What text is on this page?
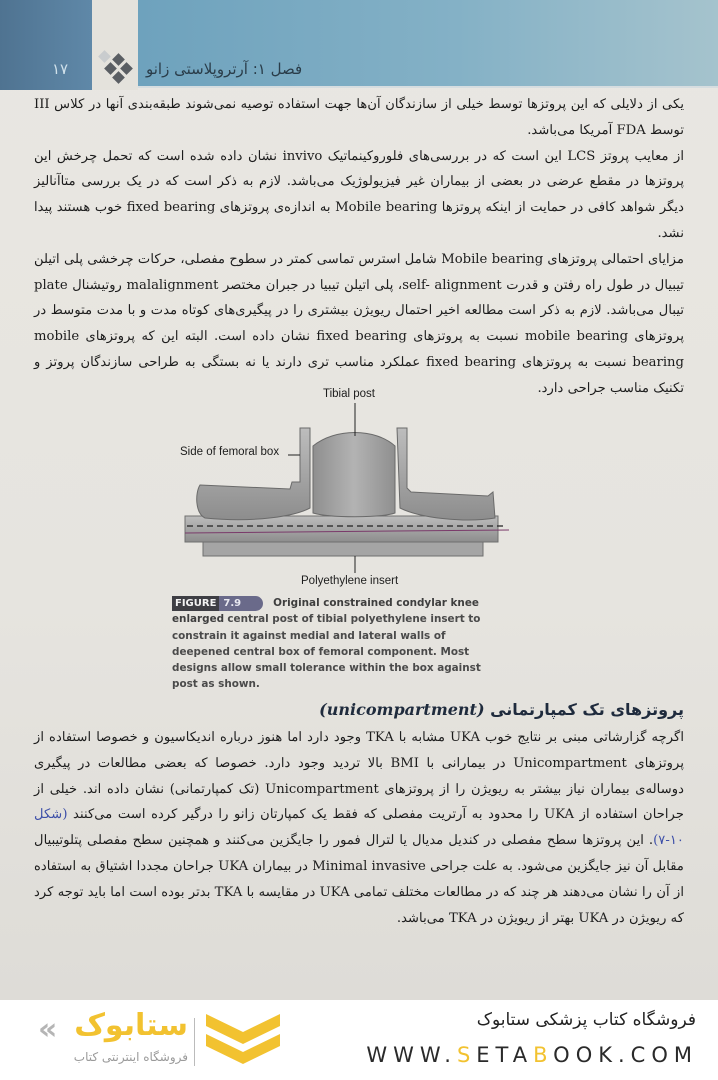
۱۷	فصل ۱: آرتروپلاستی زانو

یکی از دلایلی که این پروتزها توسط خیلی از سازندگان آن‌ها جهت استفاده توصیه نمی‌شوند طبقه‌بندی آنها در کلاس III توسط FDA آمریکا می‌باشد.

از معایب پروتز LCS این است که در بررسی‌های فلوروکینماتیک invivo نشان داده شده است که تحمل چرخش این پروتزها در مقطع عرضی در بعضی از بیماران غیر فیزیولوژیک می‌باشد. لازم به ذکر است که در یک بررسی متاآنالیز دیگر شواهد کافی در حمایت از اینکه پروتزها Mobile bearing به اندازه‌ی پروتزهای fixed bearing خوب هستند پیدا نشد.

مزایای احتمالی پروتزهای Mobile bearing شامل استرس تماسی کمتر در سطوح مفصلی، حرکات چرخشی پلی اتیلن تیبیال در طول راه رفتن و قدرت self- alignment، پلی اتیلن تیبیا در جبران مختصر malalignment روتیشنال plate تیبال می‌باشد. لازم به ذکر است مطالعه اخیر احتمال ریویژن بیشتری را در پیگیری‌های کوتاه مدت و با مدت متوسط در پروتزهای mobile bearing نسبت به پروتزهای fixed bearing نشان داده است. البته این که پروتزهای mobile bearing نسبت به پروتزهای fixed bearing عملکرد مناسب تری دارند یا نه بستگی به طراحی سازندگان پروتز و تکنیک مناسب جراحی دارد.

Tibial post
Side of femoral box
Polyethylene insert
FIGURE 7.9	Original constrained condylar knee enlarged central post of tibial polyethylene insert to constrain it against medial and lateral walls of deepened central box of femoral component. Most designs allow small tolerance within the box against post as shown.
پروتزهای تک کمپارتمانی (unicompartment)

اگرچه گزارشاتی مبنی بر نتایج خوب UKA مشابه با TKA وجود دارد اما هنوز درباره اندیکاسیون و خصوصا استفاده از پروتزهای Unicompartment در بیمارانی با BMI بالا تردید وجود دارد. خصوصا که بعضی مطالعات در پیگیری دوساله‌ی بیماران نیاز بیشتر به ریویژن را از پروتزهای Unicompartment (تک کمپارتمانی) نشان داده اند. خیلی از جراحان استفاده از UKA را محدود به آرتریت مفصلی که فقط یک کمپارتان زانو را درگیر کرده است می‌کنند (شکل ۱۰-۷). این پروتزها سطح مفصلی در کندیل مدیال یا لترال فمور را جایگزین می‌کنند و همچنین سطح مفصلی پتلوتیبیال مقابل آن نیز جایگزین می‌شود. به علت جراحی Minimal invasive در بیماران UKA جراحان مجددا اشتیاق به استفاده از آن را نشان می‌دهند هر چند که در مطالعات مختلف تمامی UKA در مقایسه با TKA بدتر بوده است اما باید توجه کرد که ریویژن در UKA بهتر از ریویژن در TKA می‌باشد.

« ستابوک
فروشگاه اینترنتی کتاب
فروشگاه کتاب پزشکی ستابوک
WWW.SETABOOK.COM
